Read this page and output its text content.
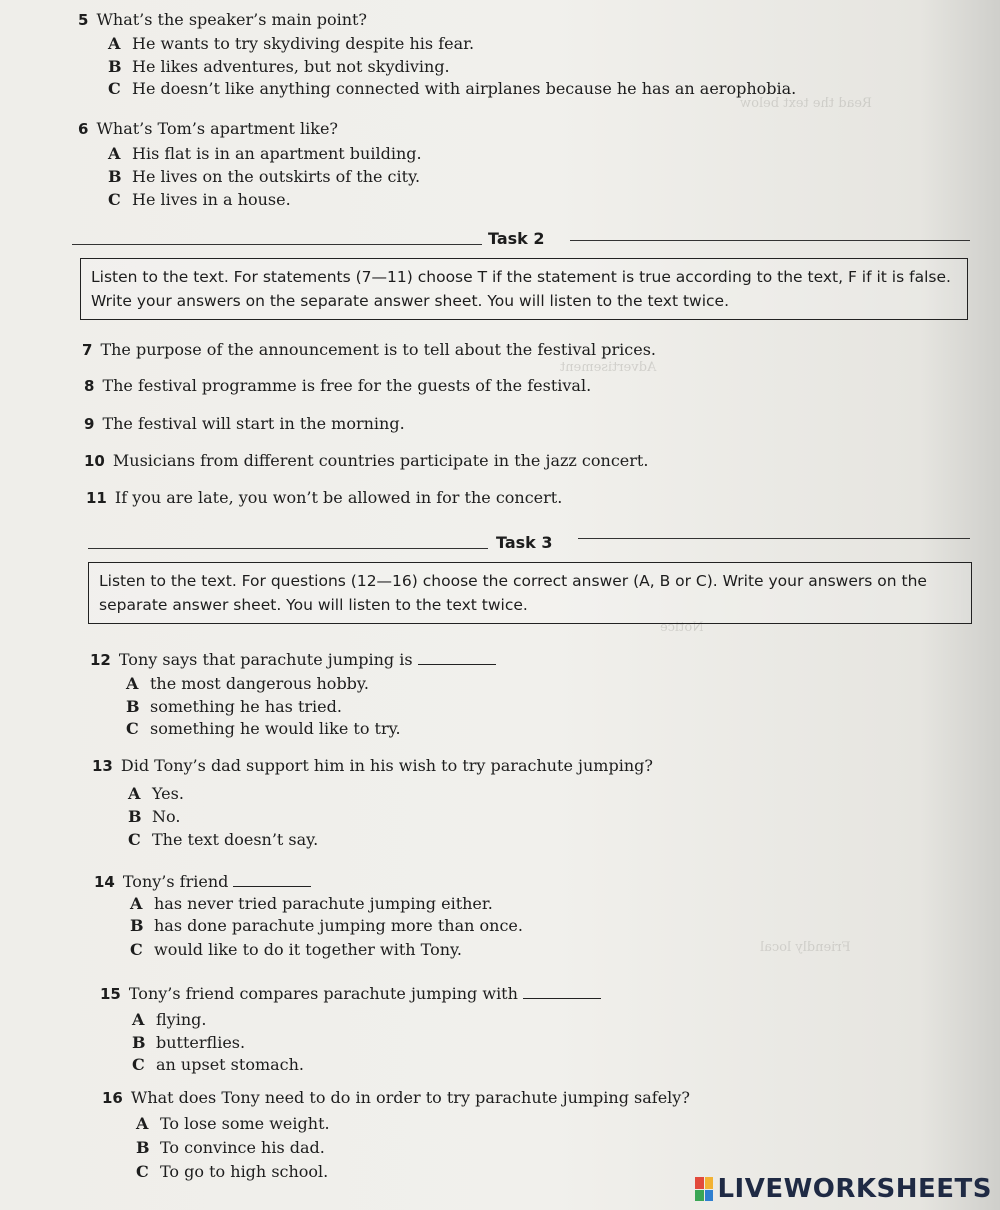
Read the text below
Advertisement
Notice
Friendly local
5 What’s the speaker’s main point?
A He wants to try skydiving despite his fear.
B He likes adventures, but not skydiving.
C He doesn’t like anything connected with airplanes because he has an aerophobia.
6 What’s Tom’s apartment like?
A His flat is in an apartment building.
B He lives on the outskirts of the city.
C He lives in a house.
Task 2
Listen to the text. For statements (7—11) choose T if the statement is true according to the text, F if it is false. Write your answers on the separate answer sheet. You will listen to the text twice.
7 The purpose of the announcement is to tell about the festival prices.
8 The festival programme is free for the guests of the festival.
9 The festival will start in the morning.
10 Musicians from different countries participate in the jazz concert.
11 If you are late, you won’t be allowed in for the concert.
Task 3
Listen to the text. For questions (12—16) choose the correct answer (A, B or C). Write your answers on the separate answer sheet. You will listen to the text twice.
12 Tony says that parachute jumping is
A the most dangerous hobby.
B something he has tried.
C something he would like to try.
13 Did Tony’s dad support him in his wish to try parachute jumping?
A Yes.
B No.
C The text doesn’t say.
14 Tony’s friend
A has never tried parachute jumping either.
B has done parachute jumping more than once.
C would like to do it together with Tony.
15 Tony’s friend compares parachute jumping with
A flying.
B butterflies.
C an upset stomach.
16 What does Tony need to do in order to try parachute jumping safely?
A To lose some weight.
B To convince his dad.
C To go to high school.
LIVEWORKSHEETS
